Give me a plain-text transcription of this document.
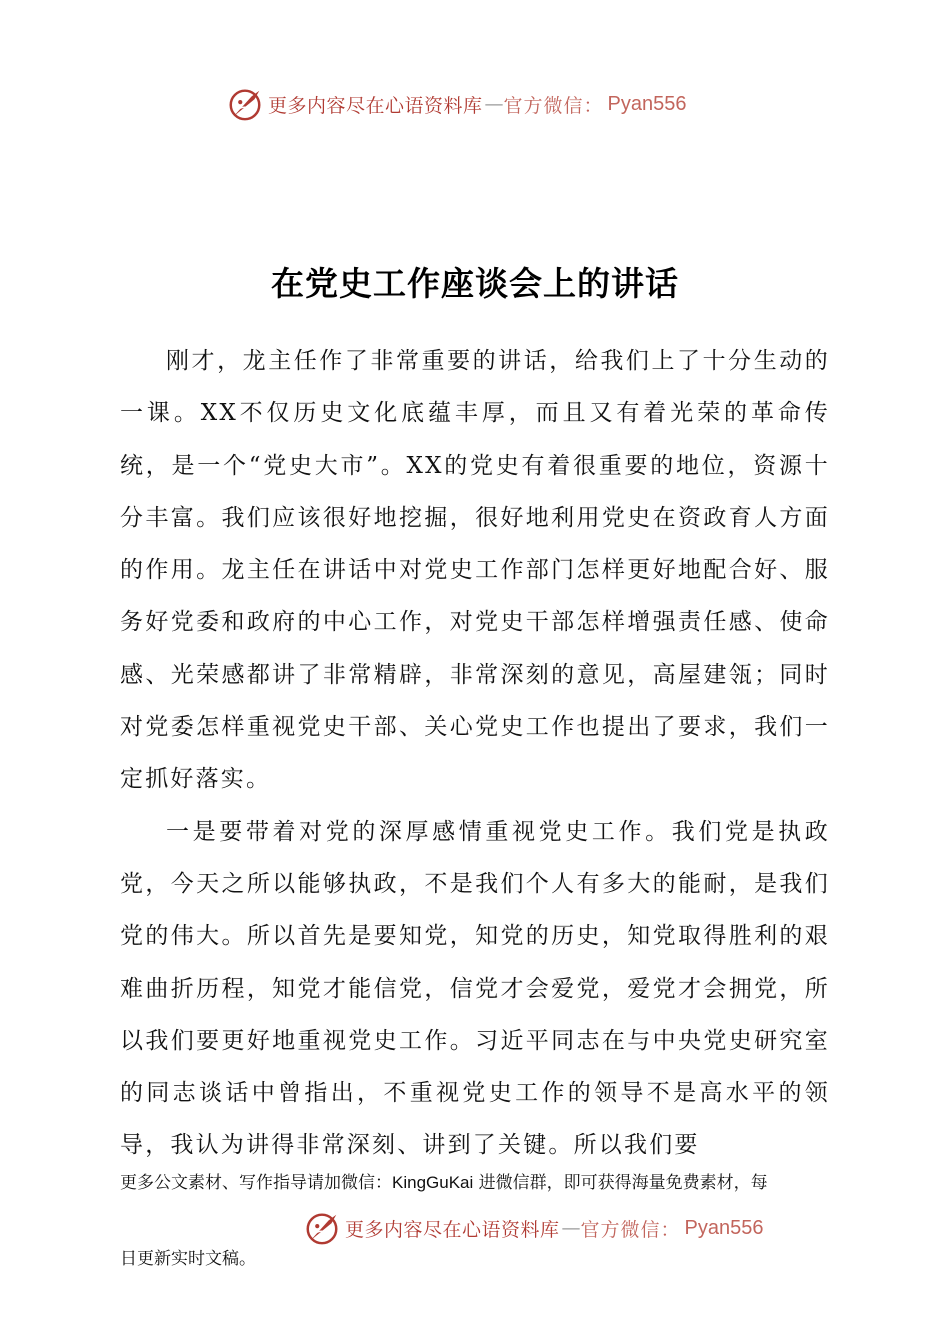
更多内容尽在心语资料库 — 官方微信： Pyan556
在党史工作座谈会上的讲话

刚才，龙主任作了非常重要的讲话，给我们上了十分生动的一课。XX不仅历史文化底蕴丰厚，而且又有着光荣的革命传统，是一个“党史大市”。XX的党史有着很重要的地位，资源十分丰富。我们应该很好地挖掘，很好地利用党史在资政育人方面的作用。龙主任在讲话中对党史工作部门怎样更好地配合好、服务好党委和政府的中心工作，对党史干部怎样增强责任感、使命感、光荣感都讲了非常精辟，非常深刻的意见，高屋建瓴；同时对党委怎样重视党史干部、关心党史工作也提出了要求，我们一定抓好落实。

一是要带着对党的深厚感情重视党史工作。我们党是执政党，今天之所以能够执政，不是我们个人有多大的能耐，是我们党的伟大。所以首先是要知党，知党的历史，知党取得胜利的艰难曲折历程，知党才能信党，信党才会爱党，爱党才会拥党，所以我们要更好地重视党史工作。习近平同志在与中央党史研究室的同志谈话中曾指出，不重视党史工作的领导不是高水平的领导，我认为讲得非常深刻、讲到了关键。所以我们要

更多公文素材、写作指导请加微信：KingGuKai 进微信群，即可获得海量免费素材，每
更多内容尽在心语资料库 — 官方微信： Pyan556
日更新实时文稿。
